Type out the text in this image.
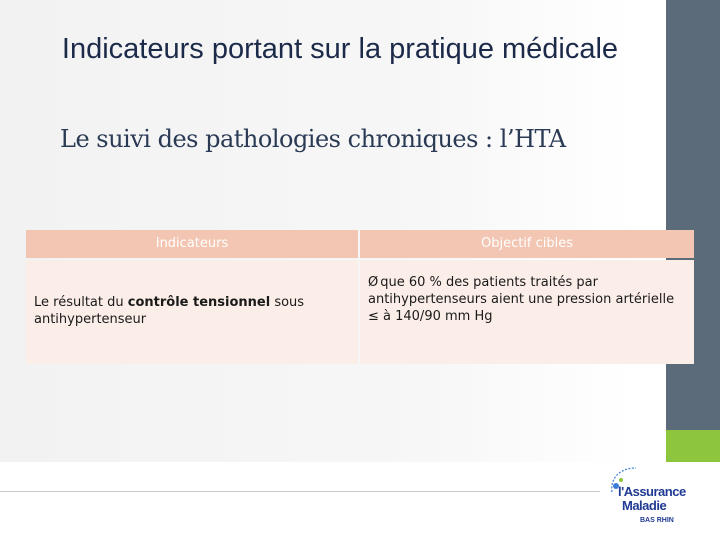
Indicateurs portant sur la pratique médicale
Le suivi des pathologies chroniques : l’HTA
Indicateurs	Objectif cibles
Le résultat du contrôle tensionnel sous antihypertenseur
Ø que 60 % des patients traités par antihypertenseurs aient une pression artérielle ≤ à 140/90 mm Hg
l'Assurance
Maladie
BAS RHIN
